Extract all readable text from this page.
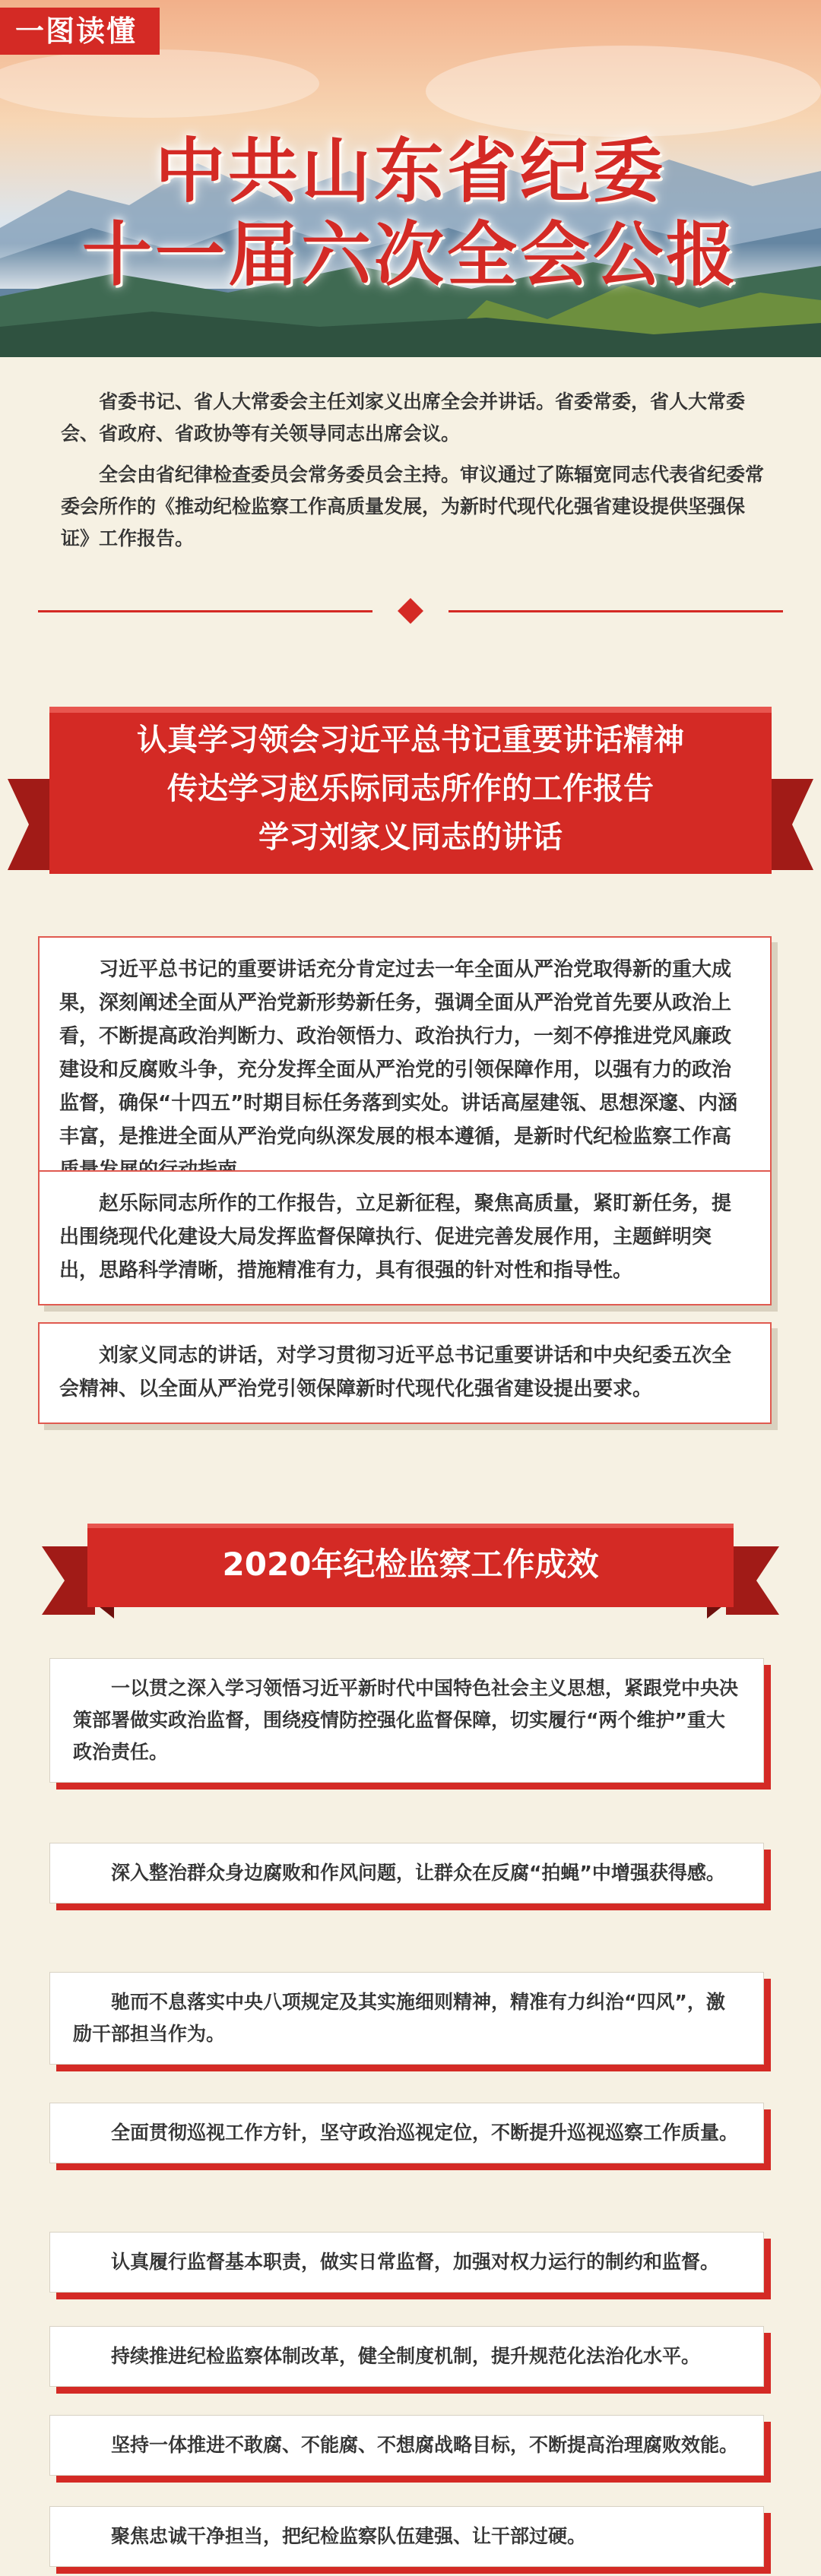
一图读懂
中共山东省纪委
十一届六次全会公报

省委书记、省人大常委会主任刘家义出席全会并讲话。省委常委，省人大常委会、省政府、省政协等有关领导同志出席会议。

全会由省纪律检查委员会常务委员会主持。审议通过了陈辐宽同志代表省纪委常委会所作的《推动纪检监察工作高质量发展，为新时代现代化强省建设提供坚强保证》工作报告。

认真学习领会习近平总书记重要讲话精神
传达学习赵乐际同志所作的工作报告
学习刘家义同志的讲话
习近平总书记的重要讲话充分肯定过去一年全面从严治党取得新的重大成果，深刻阐述全面从严治党新形势新任务，强调全面从严治党首先要从政治上看，不断提高政治判断力、政治领悟力、政治执行力，一刻不停推进党风廉政建设和反腐败斗争，充分发挥全面从严治党的引领保障作用，以强有力的政治监督，确保“十四五”时期目标任务落到实处。讲话高屋建瓴、思想深邃、内涵丰富，是推进全面从严治党向纵深发展的根本遵循，是新时代纪检监察工作高
赵乐际同志所作的工作报告，立足新征程，聚焦高质量，紧盯新任务，提出围绕现代化建设大局发挥监督保障执行、促进完善发展作用，主题鲜明突出，思路科学清晰，措施精准有力，具有很强的针对性和指导性。
刘家义同志的讲话，对学习贯彻习近平总书记重要讲话和中央纪委五次全会精神、以全面从严治党引领保障新时代现代化强省建设提出要求。
2020年纪检监察工作成效
一以贯之深入学习领悟习近平新时代中国特色社会主义思想，紧跟党中央决策部署做实政治监督，围绕疫情防控强化监督保障，切实履行“两个维护”重大政治责任。
深入整治群众身边腐败和作风问题，让群众在反腐“拍蝇”中增强获得感。
驰而不息落实中央八项规定及其实施细则精神，精准有力纠治“四风”，激励干部担当作为。
全面贯彻巡视工作方针，坚守政治巡视定位，不断提升巡视巡察工作质量。
认真履行监督基本职责，做实日常监督，加强对权力运行的制约和监督。
持续推进纪检监察体制改革，健全制度机制，提升规范化法治化水平。
坚持一体推进不敢腐、不能腐、不想腐战略目标，不断提高治理腐败效能。
聚焦忠诚干净担当，把纪检监察队伍建强、让干部过硬。
